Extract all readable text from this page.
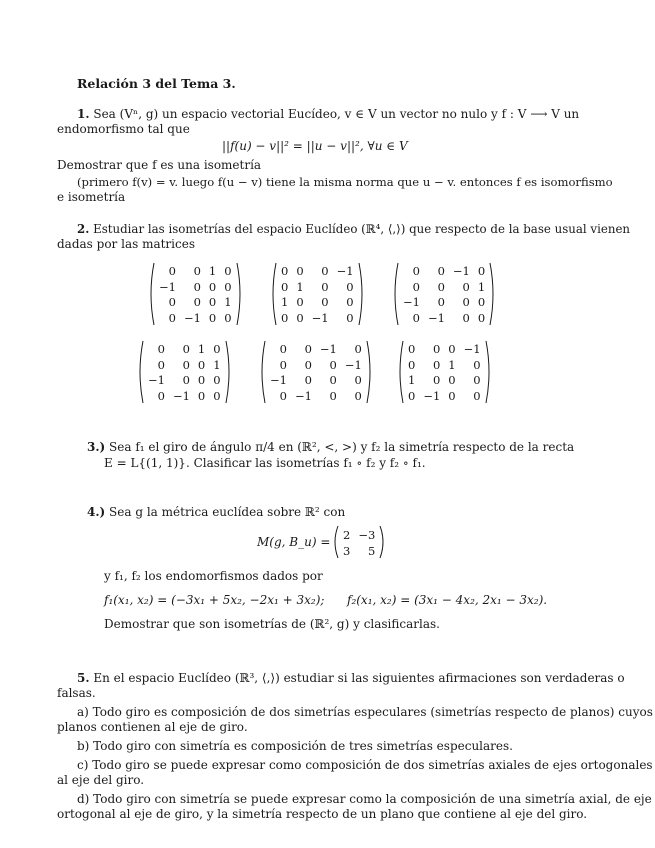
Relación 3 del Tema 3.
1. Sea (Vⁿ, g) un espacio vectorial Eucídeo, v ∈ V un vector no nulo y f : V ⟶ V un
endomorfismo tal que
||f(u) − v||² = ||u − v||², ∀u ∈ V
Demostrar que f es una isometría
(primero f(v) = v. luego f(u − v) tiene la misma norma que u − v. entonces f es isomorfismo
e isometría
2. Estudiar las isometrías del espacio Euclídeo (ℝ⁴, ⟨,⟩) que respecto de la base usual vienen
dadas por las matrices
0	0	1	0
−1	0	0	0
0	0	0	1
0	−1	0	0
0	0	0	−1
0	1	0	0
1	0	0	0
0	0	−1	0
0	0	−1	0
0	0	0	1
−1	0	0	0
0	−1	0	0
0	0	1	0
0	0	0	1
−1	0	0	0
0	−1	0	0
0	0	−1	0
0	0	0	−1
−1	0	0	0
0	−1	0	0
0	0	0	−1
0	0	1	0
1	0	0	0
0	−1	0	0
3.) Sea f₁ el giro de ángulo π/4 en (ℝ², <, >) y f₂ la simetría respecto de la recta
E = L{(1, 1)}. Clasificar las isometrías f₁ ∘ f₂ y f₂ ∘ f₁.
4.) Sea g la métrica euclídea sobre ℝ² con
M(g, B_u) =
2	−3
3	5
y f₁, f₂ los endomorfismos dados por
f₁(x₁, x₂) = (−3x₁ + 5x₂, −2x₁ + 3x₂); f₂(x₁, x₂) = (3x₁ − 4x₂, 2x₁ − 3x₂).
Demostrar que son isometrías de (ℝ², g) y clasificarlas.
5. En el espacio Euclídeo (ℝ³, ⟨,⟩) estudiar si las siguientes afirmaciones son verdaderas o
falsas.
a) Todo giro es composición de dos simetrías especulares (simetrías respecto de planos) cuyos
planos contienen al eje de giro.
b) Todo giro con simetría es composición de tres simetrías especulares.
c) Todo giro se puede expresar como composición de dos simetrías axiales de ejes ortogonales
al eje del giro.
d) Todo giro con simetría se puede expresar como la composición de una simetría axial, de eje
ortogonal al eje de giro, y la simetría respecto de un plano que contiene al eje del giro.
